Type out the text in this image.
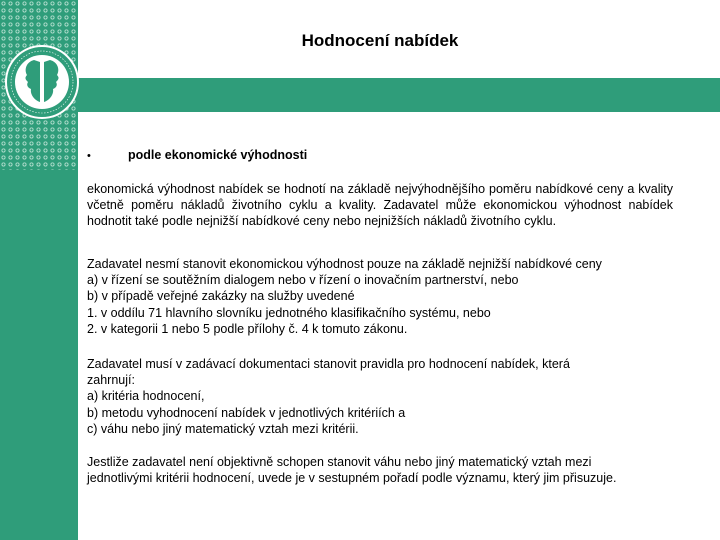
Hodnocení nabídek
•	podle ekonomické výhodnosti
ekonomická výhodnost nabídek se hodnotí na základě nejvýhodnějšího poměru nabídkové ceny a kvality včetně poměru nákladů životního cyklu a kvality. Zadavatel může ekonomickou výhodnost nabídek hodnotit také podle nejnižší nabídkové ceny nebo nejnižších nákladů životního cyklu.
Zadavatel nesmí stanovit ekonomickou výhodnost pouze na základě nejnižší nabídkové ceny
a) v řízení se soutěžním dialogem nebo v řízení o inovačním partnerství, nebo
b) v případě veřejné zakázky na služby uvedené
1. v oddílu 71 hlavního slovníku jednotného klasifikačního systému, nebo
2. v kategorii 1 nebo 5 podle přílohy č. 4 k tomuto zákonu.
Zadavatel musí v zadávací dokumentaci stanovit pravidla pro hodnocení nabídek, která
zahrnují:
a) kritéria hodnocení,
b) metodu vyhodnocení nabídek v jednotlivých kritériích a
c) váhu nebo jiný matematický vztah mezi kritérii.
Jestliže zadavatel není objektivně schopen stanovit váhu nebo jiný matematický vztah mezi
jednotlivými kritérii hodnocení, uvede je v sestupném pořadí podle významu, který jim přisuzuje.
